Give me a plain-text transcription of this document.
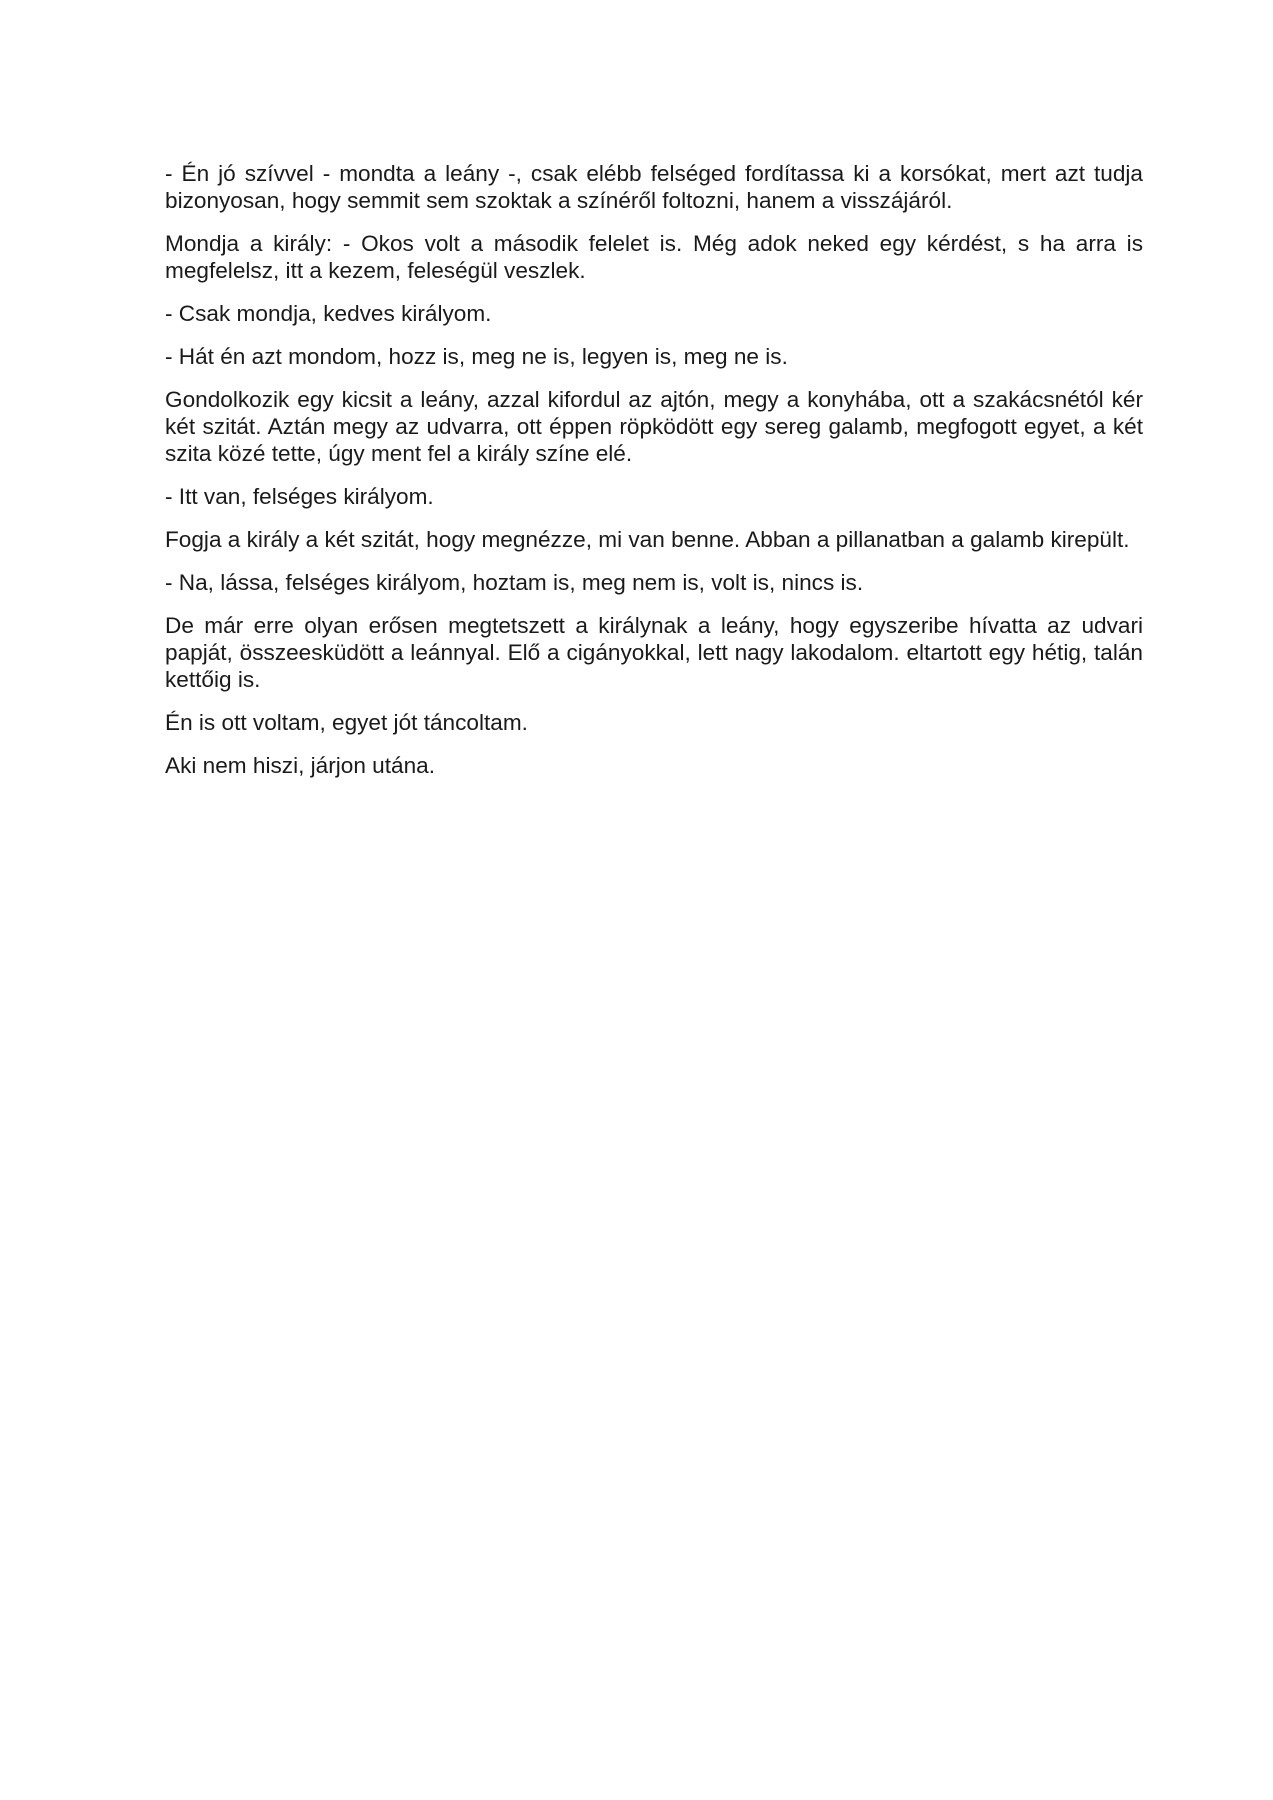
- Én jó szívvel - mondta a leány -, csak elébb felséged fordítassa ki a korsókat, mert azt tudja bizonyosan, hogy semmit sem szoktak a színéről foltozni, hanem a visszájáról.

Mondja a király: - Okos volt a második felelet is. Még adok neked egy kérdést, s ha arra is megfelelsz, itt a kezem, feleségül veszlek.

- Csak mondja, kedves királyom.

- Hát én azt mondom, hozz is, meg ne is, legyen is, meg ne is.

Gondolkozik egy kicsit a leány, azzal kifordul az ajtón, megy a konyhába, ott a szakácsnétól kér két szitát. Aztán megy az udvarra, ott éppen röpködött egy sereg galamb, megfogott egyet, a két szita közé tette, úgy ment fel a király színe elé.

- Itt van, felséges királyom.

Fogja a király a két szitát, hogy megnézze, mi van benne. Abban a pillanatban a galamb kirepült.

- Na, lássa, felséges királyom, hoztam is, meg nem is, volt is, nincs is.

De már erre olyan erősen megtetszett a királynak a leány, hogy egyszeribe hívatta az udvari papját, összeesküdött a leánnyal. Elő a cigányokkal, lett nagy lakodalom. eltartott egy hétig, talán kettőig is.

Én is ott voltam, egyet jót táncoltam.

Aki nem hiszi, járjon utána.
